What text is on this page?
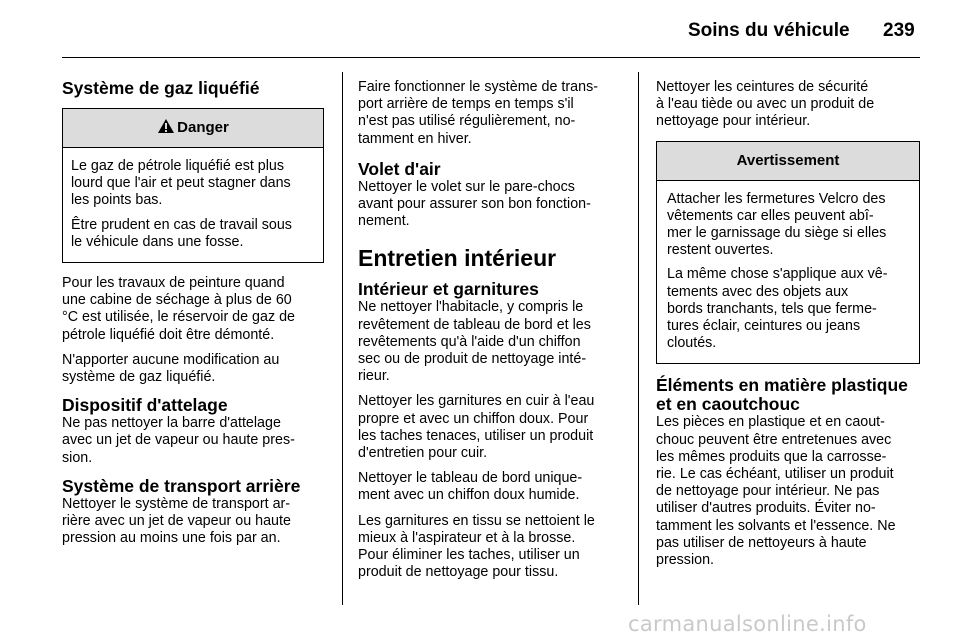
Soins du véhicule 239
Système de gaz liquéfié
Danger

Le gaz de pétrole liquéfié est plus
lourd que l'air et peut stagner dans
les points bas.

Être prudent en cas de travail sous
le véhicule dans une fosse.

Pour les travaux de peinture quand
une cabine de séchage à plus de 60
°C est utilisée, le réservoir de gaz de
pétrole liquéfié doit être démonté.

N'apporter aucune modification au
système de gaz liquéfié.

Dispositif d'attelage

Ne pas nettoyer la barre d'attelage
avec un jet de vapeur ou haute pres-
sion.

Système de transport arrière

Nettoyer le système de transport ar-
rière avec un jet de vapeur ou haute
pression au moins une fois par an.

Faire fonctionner le système de trans-
port arrière de temps en temps s'il
n'est pas utilisé régulièrement, no-
tamment en hiver.

Volet d'air

Nettoyer le volet sur le pare-chocs
avant pour assurer son bon fonction-
nement.

Entretien intérieur
Intérieur et garnitures

Ne nettoyer l'habitacle, y compris le
revêtement de tableau de bord et les
revêtements qu'à l'aide d'un chiffon
sec ou de produit de nettoyage inté-
rieur.

Nettoyer les garnitures en cuir à l'eau
propre et avec un chiffon doux. Pour
les taches tenaces, utiliser un produit
d'entretien pour cuir.

Nettoyer le tableau de bord unique-
ment avec un chiffon doux humide.

Les garnitures en tissu se nettoient le
mieux à l'aspirateur et à la brosse.
Pour éliminer les taches, utiliser un
produit de nettoyage pour tissu.

Nettoyer les ceintures de sécurité
à l'eau tiède ou avec un produit de
nettoyage pour intérieur.

Avertissement

Attacher les fermetures Velcro des
vêtements car elles peuvent abî-
mer le garnissage du siège si elles
restent ouvertes.

La même chose s'applique aux vê-
tements avec des objets aux
bords tranchants, tels que ferme-
tures éclair, ceintures ou jeans
cloutés.

Éléments en matière plastique
et en caoutchouc

Les pièces en plastique et en caout-
chouc peuvent être entretenues avec
les mêmes produits que la carrosse-
rie. Le cas échéant, utiliser un produit
de nettoyage pour intérieur. Ne pas
utiliser d'autres produits. Éviter no-
tamment les solvants et l'essence. Ne
pas utiliser de nettoyeurs à haute
pression.

carmanualsonline.info
